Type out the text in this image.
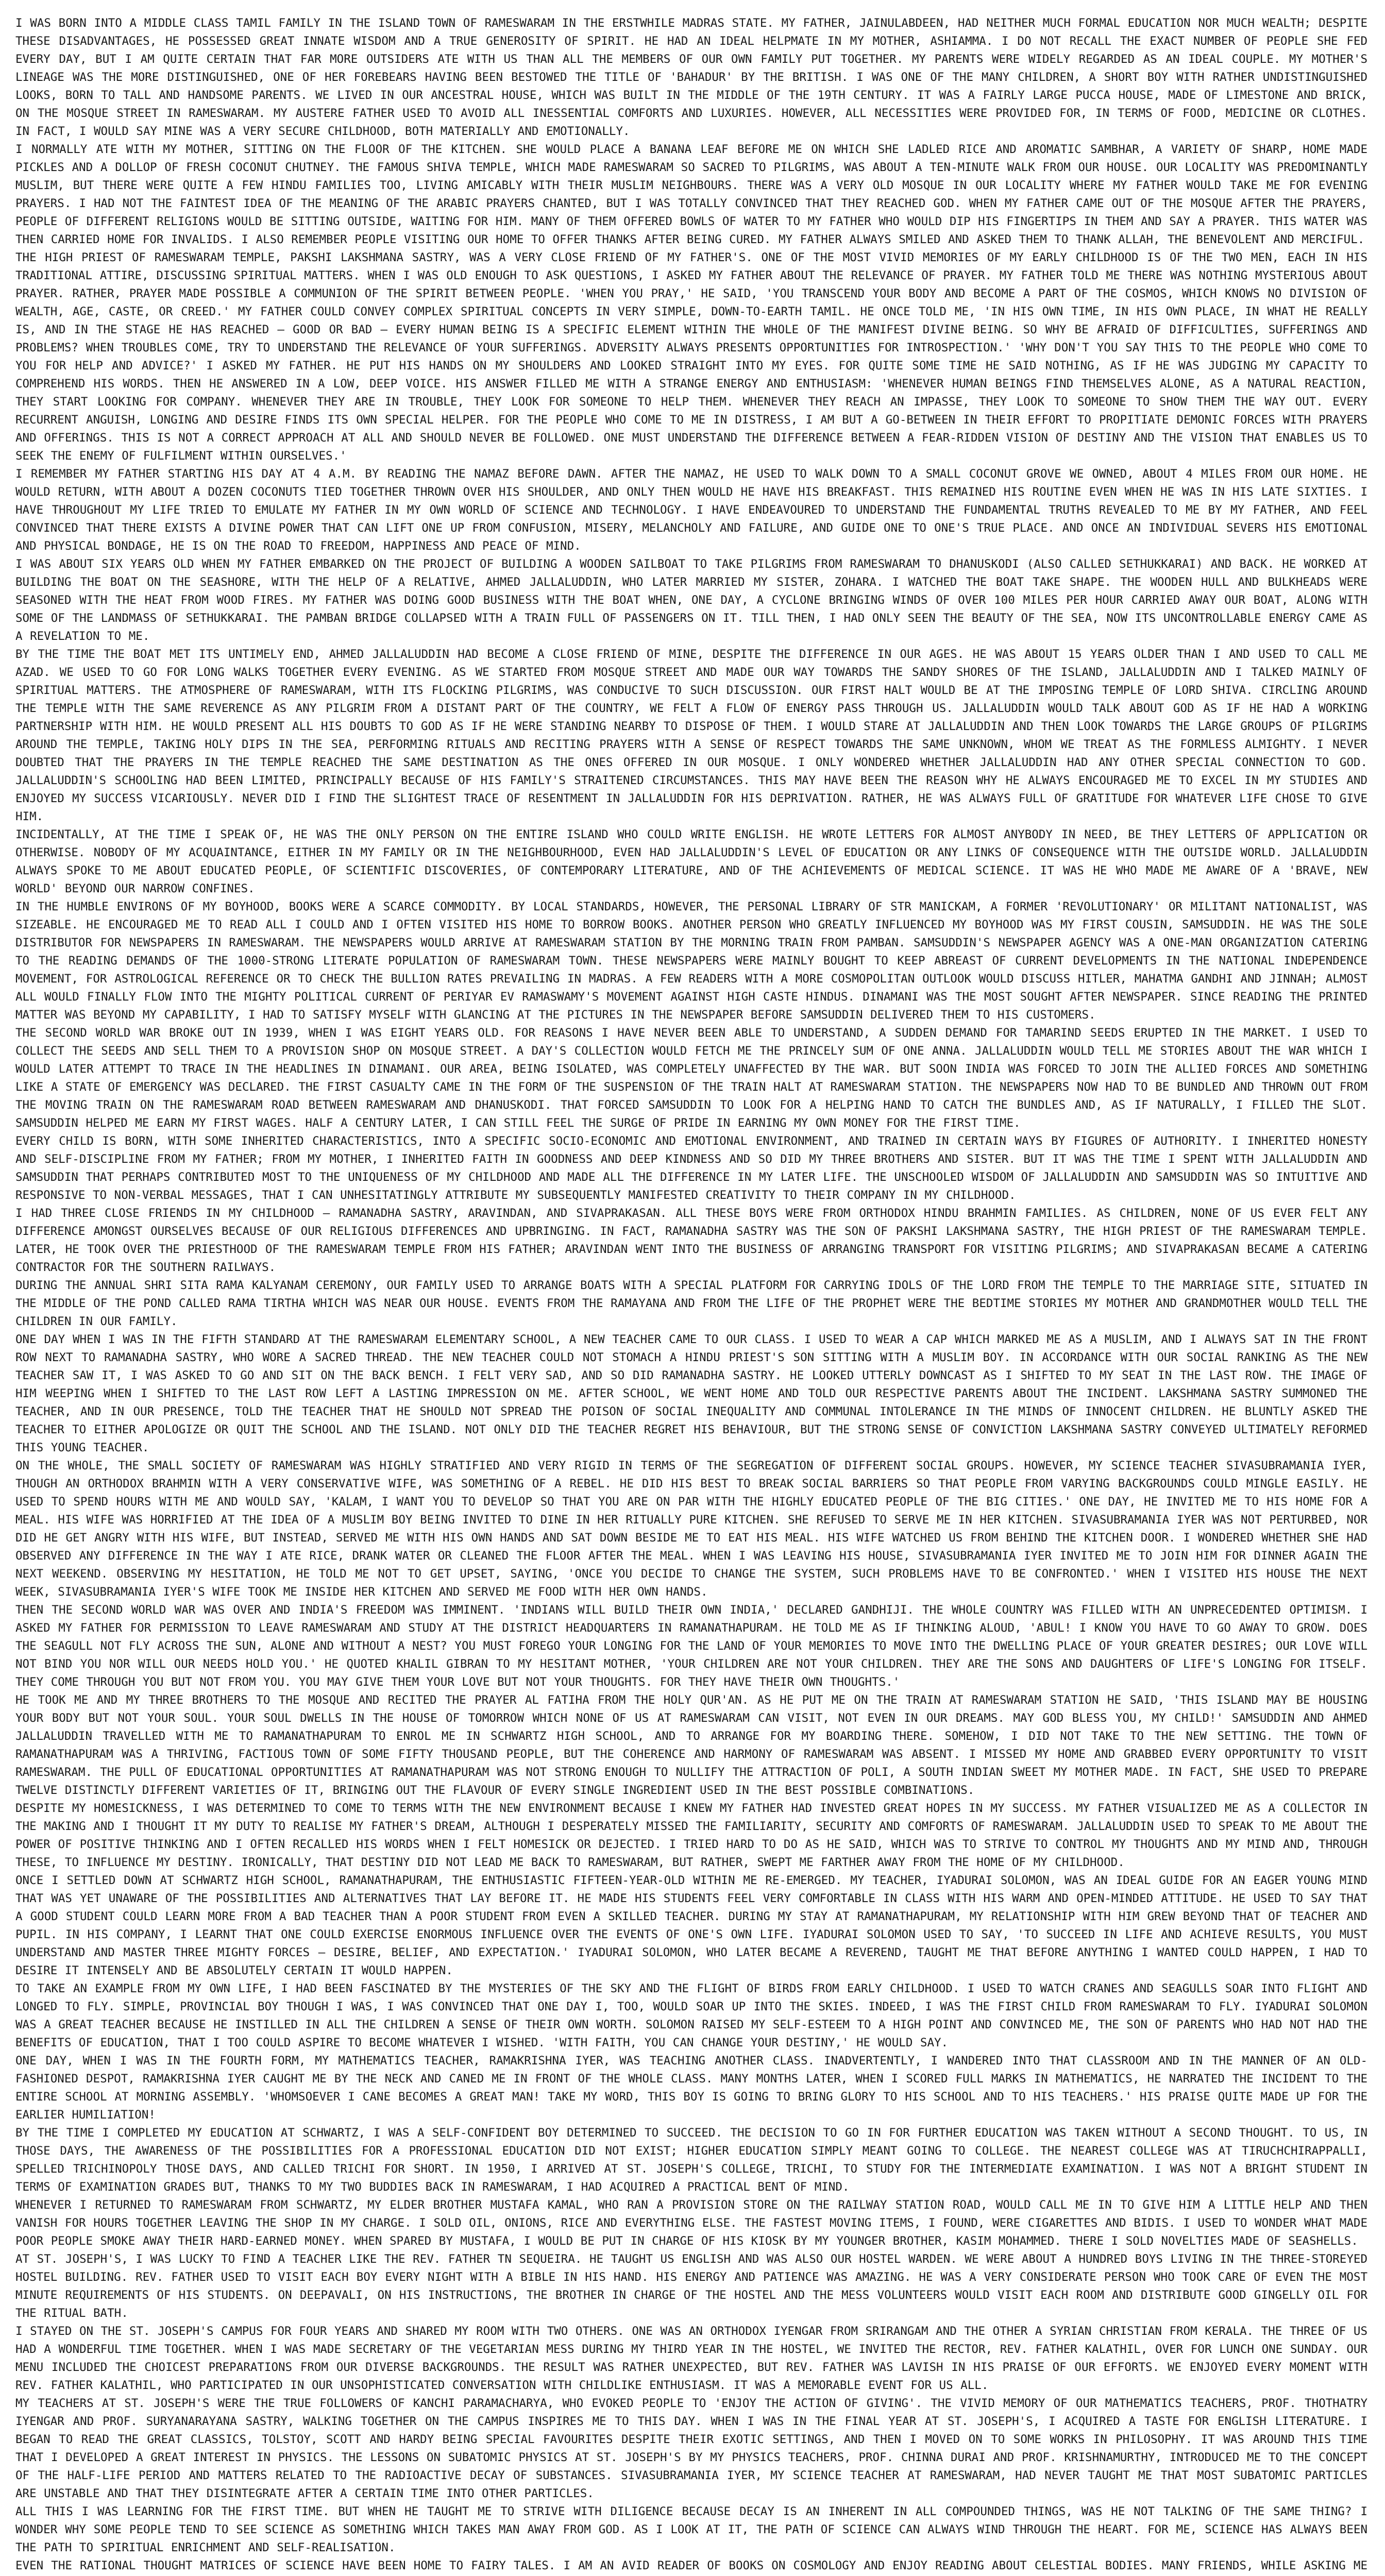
I WAS BORN INTO A MIDDLE CLASS TAMIL FAMILY IN THE ISLAND TOWN OF RAMESWARAM IN THE ERSTWHILE MADRAS STATE. MY FATHER, JAINULABDEEN, HAD NEITHER MUCH FORMAL EDUCATION NOR MUCH WEALTH; DESPITE THESE DISADVANTAGES, HE POSSESSED GREAT INNATE WISDOM AND A TRUE GENEROSITY OF SPIRIT. HE HAD AN IDEAL HELPMATE IN MY MOTHER, ASHIAMMA. I DO NOT RECALL THE EXACT NUMBER OF PEOPLE SHE FED EVERY DAY, BUT I AM QUITE CERTAIN THAT FAR MORE OUTSIDERS ATE WITH US THAN ALL THE MEMBERS OF OUR OWN FAMILY PUT TOGETHER. MY PARENTS WERE WIDELY REGARDED AS AN IDEAL COUPLE. MY MOTHER'S LINEAGE WAS THE MORE DISTINGUISHED, ONE OF HER FOREBEARS HAVING BEEN BESTOWED THE TITLE OF 'BAHADUR' BY THE BRITISH. I WAS ONE OF THE MANY CHILDREN, A SHORT BOY WITH RATHER UNDISTINGUISHED LOOKS, BORN TO TALL AND HANDSOME PARENTS. WE LIVED IN OUR ANCESTRAL HOUSE, WHICH WAS BUILT IN THE MIDDLE OF THE 19TH CENTURY. IT WAS A FAIRLY LARGE PUCCA HOUSE, MADE OF LIMESTONE AND BRICK, ON THE MOSQUE STREET IN RAMESWARAM. MY AUSTERE FATHER USED TO AVOID ALL INESSENTIAL COMFORTS AND LUXURIES. HOWEVER, ALL NECESSITIES WERE PROVIDED FOR, IN TERMS OF FOOD, MEDICINE OR CLOTHES. IN FACT, I WOULD SAY MINE WAS A VERY SECURE CHILDHOOD, BOTH MATERIALLY AND EMOTIONALLY.

I NORMALLY ATE WITH MY MOTHER, SITTING ON THE FLOOR OF THE KITCHEN. SHE WOULD PLACE A BANANA LEAF BEFORE ME ON WHICH SHE LADLED RICE AND AROMATIC SAMBHAR, A VARIETY OF SHARP, HOME MADE PICKLES AND A DOLLOP OF FRESH COCONUT CHUTNEY. THE FAMOUS SHIVA TEMPLE, WHICH MADE RAMESWARAM SO SACRED TO PILGRIMS, WAS ABOUT A TEN-MINUTE WALK FROM OUR HOUSE. OUR LOCALITY WAS PREDOMINANTLY MUSLIM, BUT THERE WERE QUITE A FEW HINDU FAMILIES TOO, LIVING AMICABLY WITH THEIR MUSLIM NEIGHBOURS. THERE WAS A VERY OLD MOSQUE IN OUR LOCALITY WHERE MY FATHER WOULD TAKE ME FOR EVENING PRAYERS. I HAD NOT THE FAINTEST IDEA OF THE MEANING OF THE ARABIC PRAYERS CHANTED, BUT I WAS TOTALLY CONVINCED THAT THEY REACHED GOD. WHEN MY FATHER CAME OUT OF THE MOSQUE AFTER THE PRAYERS, PEOPLE OF DIFFERENT RELIGIONS WOULD BE SITTING OUTSIDE, WAITING FOR HIM. MANY OF THEM OFFERED BOWLS OF WATER TO MY FATHER WHO WOULD DIP HIS FINGERTIPS IN THEM AND SAY A PRAYER. THIS WATER WAS THEN CARRIED HOME FOR INVALIDS. I ALSO REMEMBER PEOPLE VISITING OUR HOME TO OFFER THANKS AFTER BEING CURED. MY FATHER ALWAYS SMILED AND ASKED THEM TO THANK ALLAH, THE BENEVOLENT AND MERCIFUL.

THE HIGH PRIEST OF RAMESWARAM TEMPLE, PAKSHI LAKSHMANA SASTRY, WAS A VERY CLOSE FRIEND OF MY FATHER'S. ONE OF THE MOST VIVID MEMORIES OF MY EARLY CHILDHOOD IS OF THE TWO MEN, EACH IN HIS TRADITIONAL ATTIRE, DISCUSSING SPIRITUAL MATTERS. WHEN I WAS OLD ENOUGH TO ASK QUESTIONS, I ASKED MY FATHER ABOUT THE RELEVANCE OF PRAYER. MY FATHER TOLD ME THERE WAS NOTHING MYSTERIOUS ABOUT PRAYER. RATHER, PRAYER MADE POSSIBLE A COMMUNION OF THE SPIRIT BETWEEN PEOPLE. 'WHEN YOU PRAY,' HE SAID, 'YOU TRANSCEND YOUR BODY AND BECOME A PART OF THE COSMOS, WHICH KNOWS NO DIVISION OF WEALTH, AGE, CASTE, OR CREED.' MY FATHER COULD CONVEY COMPLEX SPIRITUAL CONCEPTS IN VERY SIMPLE, DOWN-TO-EARTH TAMIL. HE ONCE TOLD ME, 'IN HIS OWN TIME, IN HIS OWN PLACE, IN WHAT HE REALLY IS, AND IN THE STAGE HE HAS REACHED — GOOD OR BAD — EVERY HUMAN BEING IS A SPECIFIC ELEMENT WITHIN THE WHOLE OF THE MANIFEST DIVINE BEING. SO WHY BE AFRAID OF DIFFICULTIES, SUFFERINGS AND PROBLEMS? WHEN TROUBLES COME, TRY TO UNDERSTAND THE RELEVANCE OF YOUR SUFFERINGS. ADVERSITY ALWAYS PRESENTS OPPORTUNITIES FOR INTROSPECTION.' 'WHY DON'T YOU SAY THIS TO THE PEOPLE WHO COME TO YOU FOR HELP AND ADVICE?' I ASKED MY FATHER. HE PUT HIS HANDS ON MY SHOULDERS AND LOOKED STRAIGHT INTO MY EYES. FOR QUITE SOME TIME HE SAID NOTHING, AS IF HE WAS JUDGING MY CAPACITY TO COMPREHEND HIS WORDS. THEN HE ANSWERED IN A LOW, DEEP VOICE. HIS ANSWER FILLED ME WITH A STRANGE ENERGY AND ENTHUSIASM: 'WHENEVER HUMAN BEINGS FIND THEMSELVES ALONE, AS A NATURAL REACTION, THEY START LOOKING FOR COMPANY. WHENEVER THEY ARE IN TROUBLE, THEY LOOK FOR SOMEONE TO HELP THEM. WHENEVER THEY REACH AN IMPASSE, THEY LOOK TO SOMEONE TO SHOW THEM THE WAY OUT. EVERY RECURRENT ANGUISH, LONGING AND DESIRE FINDS ITS OWN SPECIAL HELPER. FOR THE PEOPLE WHO COME TO ME IN DISTRESS, I AM BUT A GO-BETWEEN IN THEIR EFFORT TO PROPITIATE DEMONIC FORCES WITH PRAYERS AND OFFERINGS. THIS IS NOT A CORRECT APPROACH AT ALL AND SHOULD NEVER BE FOLLOWED. ONE MUST UNDERSTAND THE DIFFERENCE BETWEEN A FEAR-RIDDEN VISION OF DESTINY AND THE VISION THAT ENABLES US TO SEEK THE ENEMY OF FULFILMENT WITHIN OURSELVES.'

I REMEMBER MY FATHER STARTING HIS DAY AT 4 A.M. BY READING THE NAMAZ BEFORE DAWN. AFTER THE NAMAZ, HE USED TO WALK DOWN TO A SMALL COCONUT GROVE WE OWNED, ABOUT 4 MILES FROM OUR HOME. HE WOULD RETURN, WITH ABOUT A DOZEN COCONUTS TIED TOGETHER THROWN OVER HIS SHOULDER, AND ONLY THEN WOULD HE HAVE HIS BREAKFAST. THIS REMAINED HIS ROUTINE EVEN WHEN HE WAS IN HIS LATE SIXTIES. I HAVE THROUGHOUT MY LIFE TRIED TO EMULATE MY FATHER IN MY OWN WORLD OF SCIENCE AND TECHNOLOGY. I HAVE ENDEAVOURED TO UNDERSTAND THE FUNDAMENTAL TRUTHS REVEALED TO ME BY MY FATHER, AND FEEL CONVINCED THAT THERE EXISTS A DIVINE POWER THAT CAN LIFT ONE UP FROM CONFUSION, MISERY, MELANCHOLY AND FAILURE, AND GUIDE ONE TO ONE'S TRUE PLACE. AND ONCE AN INDIVIDUAL SEVERS HIS EMOTIONAL AND PHYSICAL BONDAGE, HE IS ON THE ROAD TO FREEDOM, HAPPINESS AND PEACE OF MIND.

I WAS ABOUT SIX YEARS OLD WHEN MY FATHER EMBARKED ON THE PROJECT OF BUILDING A WOODEN SAILBOAT TO TAKE PILGRIMS FROM RAMESWARAM TO DHANUSKODI (ALSO CALLED SETHUKKARAI) AND BACK. HE WORKED AT BUILDING THE BOAT ON THE SEASHORE, WITH THE HELP OF A RELATIVE, AHMED JALLALUDDIN, WHO LATER MARRIED MY SISTER, ZOHARA. I WATCHED THE BOAT TAKE SHAPE. THE WOODEN HULL AND BULKHEADS WERE SEASONED WITH THE HEAT FROM WOOD FIRES. MY FATHER WAS DOING GOOD BUSINESS WITH THE BOAT WHEN, ONE DAY, A CYCLONE BRINGING WINDS OF OVER 100 MILES PER HOUR CARRIED AWAY OUR BOAT, ALONG WITH SOME OF THE LANDMASS OF SETHUKKARAI. THE PAMBAN BRIDGE COLLAPSED WITH A TRAIN FULL OF PASSENGERS ON IT. TILL THEN, I HAD ONLY SEEN THE BEAUTY OF THE SEA, NOW ITS UNCONTROLLABLE ENERGY CAME AS A REVELATION TO ME.

BY THE TIME THE BOAT MET ITS UNTIMELY END, AHMED JALLALUDDIN HAD BECOME A CLOSE FRIEND OF MINE, DESPITE THE DIFFERENCE IN OUR AGES. HE WAS ABOUT 15 YEARS OLDER THAN I AND USED TO CALL ME AZAD. WE USED TO GO FOR LONG WALKS TOGETHER EVERY EVENING. AS WE STARTED FROM MOSQUE STREET AND MADE OUR WAY TOWARDS THE SANDY SHORES OF THE ISLAND, JALLALUDDIN AND I TALKED MAINLY OF SPIRITUAL MATTERS. THE ATMOSPHERE OF RAMESWARAM, WITH ITS FLOCKING PILGRIMS, WAS CONDUCIVE TO SUCH DISCUSSION. OUR FIRST HALT WOULD BE AT THE IMPOSING TEMPLE OF LORD SHIVA. CIRCLING AROUND THE TEMPLE WITH THE SAME REVERENCE AS ANY PILGRIM FROM A DISTANT PART OF THE COUNTRY, WE FELT A FLOW OF ENERGY PASS THROUGH US. JALLALUDDIN WOULD TALK ABOUT GOD AS IF HE HAD A WORKING PARTNERSHIP WITH HIM. HE WOULD PRESENT ALL HIS DOUBTS TO GOD AS IF HE WERE STANDING NEARBY TO DISPOSE OF THEM. I WOULD STARE AT JALLALUDDIN AND THEN LOOK TOWARDS THE LARGE GROUPS OF PILGRIMS AROUND THE TEMPLE, TAKING HOLY DIPS IN THE SEA, PERFORMING RITUALS AND RECITING PRAYERS WITH A SENSE OF RESPECT TOWARDS THE SAME UNKNOWN, WHOM WE TREAT AS THE FORMLESS ALMIGHTY. I NEVER DOUBTED THAT THE PRAYERS IN THE TEMPLE REACHED THE SAME DESTINATION AS THE ONES OFFERED IN OUR MOSQUE. I ONLY WONDERED WHETHER JALLALUDDIN HAD ANY OTHER SPECIAL CONNECTION TO GOD. JALLALUDDIN'S SCHOOLING HAD BEEN LIMITED, PRINCIPALLY BECAUSE OF HIS FAMILY'S STRAITENED CIRCUMSTANCES. THIS MAY HAVE BEEN THE REASON WHY HE ALWAYS ENCOURAGED ME TO EXCEL IN MY STUDIES AND ENJOYED MY SUCCESS VICARIOUSLY. NEVER DID I FIND THE SLIGHTEST TRACE OF RESENTMENT IN JALLALUDDIN FOR HIS DEPRIVATION. RATHER, HE WAS ALWAYS FULL OF GRATITUDE FOR WHATEVER LIFE CHOSE TO GIVE HIM.

INCIDENTALLY, AT THE TIME I SPEAK OF, HE WAS THE ONLY PERSON ON THE ENTIRE ISLAND WHO COULD WRITE ENGLISH. HE WROTE LETTERS FOR ALMOST ANYBODY IN NEED, BE THEY LETTERS OF APPLICATION OR OTHERWISE. NOBODY OF MY ACQUAINTANCE, EITHER IN MY FAMILY OR IN THE NEIGHBOURHOOD, EVEN HAD JALLALUDDIN'S LEVEL OF EDUCATION OR ANY LINKS OF CONSEQUENCE WITH THE OUTSIDE WORLD. JALLALUDDIN ALWAYS SPOKE TO ME ABOUT EDUCATED PEOPLE, OF SCIENTIFIC DISCOVERIES, OF CONTEMPORARY LITERATURE, AND OF THE ACHIEVEMENTS OF MEDICAL SCIENCE. IT WAS HE WHO MADE ME AWARE OF A 'BRAVE, NEW WORLD' BEYOND OUR NARROW CONFINES.

IN THE HUMBLE ENVIRONS OF MY BOYHOOD, BOOKS WERE A SCARCE COMMODITY. BY LOCAL STANDARDS, HOWEVER, THE PERSONAL LIBRARY OF STR MANICKAM, A FORMER 'REVOLUTIONARY' OR MILITANT NATIONALIST, WAS SIZEABLE. HE ENCOURAGED ME TO READ ALL I COULD AND I OFTEN VISITED HIS HOME TO BORROW BOOKS. ANOTHER PERSON WHO GREATLY INFLUENCED MY BOYHOOD WAS MY FIRST COUSIN, SAMSUDDIN. HE WAS THE SOLE DISTRIBUTOR FOR NEWSPAPERS IN RAMESWARAM. THE NEWSPAPERS WOULD ARRIVE AT RAMESWARAM STATION BY THE MORNING TRAIN FROM PAMBAN. SAMSUDDIN'S NEWSPAPER AGENCY WAS A ONE-MAN ORGANIZATION CATERING TO THE READING DEMANDS OF THE 1000-STRONG LITERATE POPULATION OF RAMESWARAM TOWN. THESE NEWSPAPERS WERE MAINLY BOUGHT TO KEEP ABREAST OF CURRENT DEVELOPMENTS IN THE NATIONAL INDEPENDENCE MOVEMENT, FOR ASTROLOGICAL REFERENCE OR TO CHECK THE BULLION RATES PREVAILING IN MADRAS. A FEW READERS WITH A MORE COSMOPOLITAN OUTLOOK WOULD DISCUSS HITLER, MAHATMA GANDHI AND JINNAH; ALMOST ALL WOULD FINALLY FLOW INTO THE MIGHTY POLITICAL CURRENT OF PERIYAR EV RAMASWAMY'S MOVEMENT AGAINST HIGH CASTE HINDUS. DINAMANI WAS THE MOST SOUGHT AFTER NEWSPAPER. SINCE READING THE PRINTED MATTER WAS BEYOND MY CAPABILITY, I HAD TO SATISFY MYSELF WITH GLANCING AT THE PICTURES IN THE NEWSPAPER BEFORE SAMSUDDIN DELIVERED THEM TO HIS CUSTOMERS.

THE SECOND WORLD WAR BROKE OUT IN 1939, WHEN I WAS EIGHT YEARS OLD. FOR REASONS I HAVE NEVER BEEN ABLE TO UNDERSTAND, A SUDDEN DEMAND FOR TAMARIND SEEDS ERUPTED IN THE MARKET. I USED TO COLLECT THE SEEDS AND SELL THEM TO A PROVISION SHOP ON MOSQUE STREET. A DAY'S COLLECTION WOULD FETCH ME THE PRINCELY SUM OF ONE ANNA. JALLALUDDIN WOULD TELL ME STORIES ABOUT THE WAR WHICH I WOULD LATER ATTEMPT TO TRACE IN THE HEADLINES IN DINAMANI. OUR AREA, BEING ISOLATED, WAS COMPLETELY UNAFFECTED BY THE WAR. BUT SOON INDIA WAS FORCED TO JOIN THE ALLIED FORCES AND SOMETHING LIKE A STATE OF EMERGENCY WAS DECLARED. THE FIRST CASUALTY CAME IN THE FORM OF THE SUSPENSION OF THE TRAIN HALT AT RAMESWARAM STATION. THE NEWSPAPERS NOW HAD TO BE BUNDLED AND THROWN OUT FROM THE MOVING TRAIN ON THE RAMESWARAM ROAD BETWEEN RAMESWARAM AND DHANUSKODI. THAT FORCED SAMSUDDIN TO LOOK FOR A HELPING HAND TO CATCH THE BUNDLES AND, AS IF NATURALLY, I FILLED THE SLOT. SAMSUDDIN HELPED ME EARN MY FIRST WAGES. HALF A CENTURY LATER, I CAN STILL FEEL THE SURGE OF PRIDE IN EARNING MY OWN MONEY FOR THE FIRST TIME.

EVERY CHILD IS BORN, WITH SOME INHERITED CHARACTERISTICS, INTO A SPECIFIC SOCIO-ECONOMIC AND EMOTIONAL ENVIRONMENT, AND TRAINED IN CERTAIN WAYS BY FIGURES OF AUTHORITY. I INHERITED HONESTY AND SELF-DISCIPLINE FROM MY FATHER; FROM MY MOTHER, I INHERITED FAITH IN GOODNESS AND DEEP KINDNESS AND SO DID MY THREE BROTHERS AND SISTER. BUT IT WAS THE TIME I SPENT WITH JALLALUDDIN AND SAMSUDDIN THAT PERHAPS CONTRIBUTED MOST TO THE UNIQUENESS OF MY CHILDHOOD AND MADE ALL THE DIFFERENCE IN MY LATER LIFE. THE UNSCHOOLED WISDOM OF JALLALUDDIN AND SAMSUDDIN WAS SO INTUITIVE AND RESPONSIVE TO NON-VERBAL MESSAGES, THAT I CAN UNHESITATINGLY ATTRIBUTE MY SUBSEQUENTLY MANIFESTED CREATIVITY TO THEIR COMPANY IN MY CHILDHOOD.

I HAD THREE CLOSE FRIENDS IN MY CHILDHOOD — RAMANADHA SASTRY, ARAVINDAN, AND SIVAPRAKASAN. ALL THESE BOYS WERE FROM ORTHODOX HINDU BRAHMIN FAMILIES. AS CHILDREN, NONE OF US EVER FELT ANY DIFFERENCE AMONGST OURSELVES BECAUSE OF OUR RELIGIOUS DIFFERENCES AND UPBRINGING. IN FACT, RAMANADHA SASTRY WAS THE SON OF PAKSHI LAKSHMANA SASTRY, THE HIGH PRIEST OF THE RAMESWARAM TEMPLE. LATER, HE TOOK OVER THE PRIESTHOOD OF THE RAMESWARAM TEMPLE FROM HIS FATHER; ARAVINDAN WENT INTO THE BUSINESS OF ARRANGING TRANSPORT FOR VISITING PILGRIMS; AND SIVAPRAKASAN BECAME A CATERING CONTRACTOR FOR THE SOUTHERN RAILWAYS.

DURING THE ANNUAL SHRI SITA RAMA KALYANAM CEREMONY, OUR FAMILY USED TO ARRANGE BOATS WITH A SPECIAL PLATFORM FOR CARRYING IDOLS OF THE LORD FROM THE TEMPLE TO THE MARRIAGE SITE, SITUATED IN THE MIDDLE OF THE POND CALLED RAMA TIRTHA WHICH WAS NEAR OUR HOUSE. EVENTS FROM THE RAMAYANA AND FROM THE LIFE OF THE PROPHET WERE THE BEDTIME STORIES MY MOTHER AND GRANDMOTHER WOULD TELL THE CHILDREN IN OUR FAMILY.

ONE DAY WHEN I WAS IN THE FIFTH STANDARD AT THE RAMESWARAM ELEMENTARY SCHOOL, A NEW TEACHER CAME TO OUR CLASS. I USED TO WEAR A CAP WHICH MARKED ME AS A MUSLIM, AND I ALWAYS SAT IN THE FRONT ROW NEXT TO RAMANADHA SASTRY, WHO WORE A SACRED THREAD. THE NEW TEACHER COULD NOT STOMACH A HINDU PRIEST'S SON SITTING WITH A MUSLIM BOY. IN ACCORDANCE WITH OUR SOCIAL RANKING AS THE NEW TEACHER SAW IT, I WAS ASKED TO GO AND SIT ON THE BACK BENCH. I FELT VERY SAD, AND SO DID RAMANADHA SASTRY. HE LOOKED UTTERLY DOWNCAST AS I SHIFTED TO MY SEAT IN THE LAST ROW. THE IMAGE OF HIM WEEPING WHEN I SHIFTED TO THE LAST ROW LEFT A LASTING IMPRESSION ON ME. AFTER SCHOOL, WE WENT HOME AND TOLD OUR RESPECTIVE PARENTS ABOUT THE INCIDENT. LAKSHMANA SASTRY SUMMONED THE TEACHER, AND IN OUR PRESENCE, TOLD THE TEACHER THAT HE SHOULD NOT SPREAD THE POISON OF SOCIAL INEQUALITY AND COMMUNAL INTOLERANCE IN THE MINDS OF INNOCENT CHILDREN. HE BLUNTLY ASKED THE TEACHER TO EITHER APOLOGIZE OR QUIT THE SCHOOL AND THE ISLAND. NOT ONLY DID THE TEACHER REGRET HIS BEHAVIOUR, BUT THE STRONG SENSE OF CONVICTION LAKSHMANA SASTRY CONVEYED ULTIMATELY REFORMED THIS YOUNG TEACHER.

ON THE WHOLE, THE SMALL SOCIETY OF RAMESWARAM WAS HIGHLY STRATIFIED AND VERY RIGID IN TERMS OF THE SEGREGATION OF DIFFERENT SOCIAL GROUPS. HOWEVER, MY SCIENCE TEACHER SIVASUBRAMANIA IYER, THOUGH AN ORTHODOX BRAHMIN WITH A VERY CONSERVATIVE WIFE, WAS SOMETHING OF A REBEL. HE DID HIS BEST TO BREAK SOCIAL BARRIERS SO THAT PEOPLE FROM VARYING BACKGROUNDS COULD MINGLE EASILY. HE USED TO SPEND HOURS WITH ME AND WOULD SAY, 'KALAM, I WANT YOU TO DEVELOP SO THAT YOU ARE ON PAR WITH THE HIGHLY EDUCATED PEOPLE OF THE BIG CITIES.' ONE DAY, HE INVITED ME TO HIS HOME FOR A MEAL. HIS WIFE WAS HORRIFIED AT THE IDEA OF A MUSLIM BOY BEING INVITED TO DINE IN HER RITUALLY PURE KITCHEN. SHE REFUSED TO SERVE ME IN HER KITCHEN. SIVASUBRAMANIA IYER WAS NOT PERTURBED, NOR DID HE GET ANGRY WITH HIS WIFE, BUT INSTEAD, SERVED ME WITH HIS OWN HANDS AND SAT DOWN BESIDE ME TO EAT HIS MEAL. HIS WIFE WATCHED US FROM BEHIND THE KITCHEN DOOR. I WONDERED WHETHER SHE HAD OBSERVED ANY DIFFERENCE IN THE WAY I ATE RICE, DRANK WATER OR CLEANED THE FLOOR AFTER THE MEAL. WHEN I WAS LEAVING HIS HOUSE, SIVASUBRAMANIA IYER INVITED ME TO JOIN HIM FOR DINNER AGAIN THE NEXT WEEKEND. OBSERVING MY HESITATION, HE TOLD ME NOT TO GET UPSET, SAYING, 'ONCE YOU DECIDE TO CHANGE THE SYSTEM, SUCH PROBLEMS HAVE TO BE CONFRONTED.' WHEN I VISITED HIS HOUSE THE NEXT WEEK, SIVASUBRAMANIA IYER'S WIFE TOOK ME INSIDE HER KITCHEN AND SERVED ME FOOD WITH HER OWN HANDS.

THEN THE SECOND WORLD WAR WAS OVER AND INDIA'S FREEDOM WAS IMMINENT. 'INDIANS WILL BUILD THEIR OWN INDIA,' DECLARED GANDHIJI. THE WHOLE COUNTRY WAS FILLED WITH AN UNPRECEDENTED OPTIMISM. I ASKED MY FATHER FOR PERMISSION TO LEAVE RAMESWARAM AND STUDY AT THE DISTRICT HEADQUARTERS IN RAMANATHAPURAM. HE TOLD ME AS IF THINKING ALOUD, 'ABUL! I KNOW YOU HAVE TO GO AWAY TO GROW. DOES THE SEAGULL NOT FLY ACROSS THE SUN, ALONE AND WITHOUT A NEST? YOU MUST FOREGO YOUR LONGING FOR THE LAND OF YOUR MEMORIES TO MOVE INTO THE DWELLING PLACE OF YOUR GREATER DESIRES; OUR LOVE WILL NOT BIND YOU NOR WILL OUR NEEDS HOLD YOU.' HE QUOTED KHALIL GIBRAN TO MY HESITANT MOTHER, 'YOUR CHILDREN ARE NOT YOUR CHILDREN. THEY ARE THE SONS AND DAUGHTERS OF LIFE'S LONGING FOR ITSELF. THEY COME THROUGH YOU BUT NOT FROM YOU. YOU MAY GIVE THEM YOUR LOVE BUT NOT YOUR THOUGHTS. FOR THEY HAVE THEIR OWN THOUGHTS.'

HE TOOK ME AND MY THREE BROTHERS TO THE MOSQUE AND RECITED THE PRAYER AL FATIHA FROM THE HOLY QUR'AN. AS HE PUT ME ON THE TRAIN AT RAMESWARAM STATION HE SAID, 'THIS ISLAND MAY BE HOUSING YOUR BODY BUT NOT YOUR SOUL. YOUR SOUL DWELLS IN THE HOUSE OF TOMORROW WHICH NONE OF US AT RAMESWARAM CAN VISIT, NOT EVEN IN OUR DREAMS. MAY GOD BLESS YOU, MY CHILD!' SAMSUDDIN AND AHMED JALLALUDDIN TRAVELLED WITH ME TO RAMANATHAPURAM TO ENROL ME IN SCHWARTZ HIGH SCHOOL, AND TO ARRANGE FOR MY BOARDING THERE. SOMEHOW, I DID NOT TAKE TO THE NEW SETTING. THE TOWN OF RAMANATHAPURAM WAS A THRIVING, FACTIOUS TOWN OF SOME FIFTY THOUSAND PEOPLE, BUT THE COHERENCE AND HARMONY OF RAMESWARAM WAS ABSENT. I MISSED MY HOME AND GRABBED EVERY OPPORTUNITY TO VISIT RAMESWARAM. THE PULL OF EDUCATIONAL OPPORTUNITIES AT RAMANATHAPURAM WAS NOT STRONG ENOUGH TO NULLIFY THE ATTRACTION OF POLI, A SOUTH INDIAN SWEET MY MOTHER MADE. IN FACT, SHE USED TO PREPARE TWELVE DISTINCTLY DIFFERENT VARIETIES OF IT, BRINGING OUT THE FLAVOUR OF EVERY SINGLE INGREDIENT USED IN THE BEST POSSIBLE COMBINATIONS.

DESPITE MY HOMESICKNESS, I WAS DETERMINED TO COME TO TERMS WITH THE NEW ENVIRONMENT BECAUSE I KNEW MY FATHER HAD INVESTED GREAT HOPES IN MY SUCCESS. MY FATHER VISUALIZED ME AS A COLLECTOR IN THE MAKING AND I THOUGHT IT MY DUTY TO REALISE MY FATHER'S DREAM, ALTHOUGH I DESPERATELY MISSED THE FAMILIARITY, SECURITY AND COMFORTS OF RAMESWARAM. JALLALUDDIN USED TO SPEAK TO ME ABOUT THE POWER OF POSITIVE THINKING AND I OFTEN RECALLED HIS WORDS WHEN I FELT HOMESICK OR DEJECTED. I TRIED HARD TO DO AS HE SAID, WHICH WAS TO STRIVE TO CONTROL MY THOUGHTS AND MY MIND AND, THROUGH THESE, TO INFLUENCE MY DESTINY. IRONICALLY, THAT DESTINY DID NOT LEAD ME BACK TO RAMESWARAM, BUT RATHER, SWEPT ME FARTHER AWAY FROM THE HOME OF MY CHILDHOOD.

ONCE I SETTLED DOWN AT SCHWARTZ HIGH SCHOOL, RAMANATHAPURAM, THE ENTHUSIASTIC FIFTEEN-YEAR-OLD WITHIN ME RE-EMERGED. MY TEACHER, IYADURAI SOLOMON, WAS AN IDEAL GUIDE FOR AN EAGER YOUNG MIND THAT WAS YET UNAWARE OF THE POSSIBILITIES AND ALTERNATIVES THAT LAY BEFORE IT. HE MADE HIS STUDENTS FEEL VERY COMFORTABLE IN CLASS WITH HIS WARM AND OPEN-MINDED ATTITUDE. HE USED TO SAY THAT A GOOD STUDENT COULD LEARN MORE FROM A BAD TEACHER THAN A POOR STUDENT FROM EVEN A SKILLED TEACHER. DURING MY STAY AT RAMANATHAPURAM, MY RELATIONSHIP WITH HIM GREW BEYOND THAT OF TEACHER AND PUPIL. IN HIS COMPANY, I LEARNT THAT ONE COULD EXERCISE ENORMOUS INFLUENCE OVER THE EVENTS OF ONE'S OWN LIFE. IYADURAI SOLOMON USED TO SAY, 'TO SUCCEED IN LIFE AND ACHIEVE RESULTS, YOU MUST UNDERSTAND AND MASTER THREE MIGHTY FORCES — DESIRE, BELIEF, AND EXPECTATION.' IYADURAI SOLOMON, WHO LATER BECAME A REVEREND, TAUGHT ME THAT BEFORE ANYTHING I WANTED COULD HAPPEN, I HAD TO DESIRE IT INTENSELY AND BE ABSOLUTELY CERTAIN IT WOULD HAPPEN.

TO TAKE AN EXAMPLE FROM MY OWN LIFE, I HAD BEEN FASCINATED BY THE MYSTERIES OF THE SKY AND THE FLIGHT OF BIRDS FROM EARLY CHILDHOOD. I USED TO WATCH CRANES AND SEAGULLS SOAR INTO FLIGHT AND LONGED TO FLY. SIMPLE, PROVINCIAL BOY THOUGH I WAS, I WAS CONVINCED THAT ONE DAY I, TOO, WOULD SOAR UP INTO THE SKIES. INDEED, I WAS THE FIRST CHILD FROM RAMESWARAM TO FLY. IYADURAI SOLOMON WAS A GREAT TEACHER BECAUSE HE INSTILLED IN ALL THE CHILDREN A SENSE OF THEIR OWN WORTH. SOLOMON RAISED MY SELF-ESTEEM TO A HIGH POINT AND CONVINCED ME, THE SON OF PARENTS WHO HAD NOT HAD THE BENEFITS OF EDUCATION, THAT I TOO COULD ASPIRE TO BECOME WHATEVER I WISHED. 'WITH FAITH, YOU CAN CHANGE YOUR DESTINY,' HE WOULD SAY.

ONE DAY, WHEN I WAS IN THE FOURTH FORM, MY MATHEMATICS TEACHER, RAMAKRISHNA IYER, WAS TEACHING ANOTHER CLASS. INADVERTENTLY, I WANDERED INTO THAT CLASSROOM AND IN THE MANNER OF AN OLD-FASHIONED DESPOT, RAMAKRISHNA IYER CAUGHT ME BY THE NECK AND CANED ME IN FRONT OF THE WHOLE CLASS. MANY MONTHS LATER, WHEN I SCORED FULL MARKS IN MATHEMATICS, HE NARRATED THE INCIDENT TO THE ENTIRE SCHOOL AT MORNING ASSEMBLY. 'WHOMSOEVER I CANE BECOMES A GREAT MAN! TAKE MY WORD, THIS BOY IS GOING TO BRING GLORY TO HIS SCHOOL AND TO HIS TEACHERS.' HIS PRAISE QUITE MADE UP FOR THE EARLIER HUMILIATION!

BY THE TIME I COMPLETED MY EDUCATION AT SCHWARTZ, I WAS A SELF-CONFIDENT BOY DETERMINED TO SUCCEED. THE DECISION TO GO IN FOR FURTHER EDUCATION WAS TAKEN WITHOUT A SECOND THOUGHT. TO US, IN THOSE DAYS, THE AWARENESS OF THE POSSIBILITIES FOR A PROFESSIONAL EDUCATION DID NOT EXIST; HIGHER EDUCATION SIMPLY MEANT GOING TO COLLEGE. THE NEAREST COLLEGE WAS AT TIRUCHCHIRAPPALLI, SPELLED TRICHINOPOLY THOSE DAYS, AND CALLED TRICHI FOR SHORT. IN 1950, I ARRIVED AT ST. JOSEPH'S COLLEGE, TRICHI, TO STUDY FOR THE INTERMEDIATE EXAMINATION. I WAS NOT A BRIGHT STUDENT IN TERMS OF EXAMINATION GRADES BUT, THANKS TO MY TWO BUDDIES BACK IN RAMESWARAM, I HAD ACQUIRED A PRACTICAL BENT OF MIND.

WHENEVER I RETURNED TO RAMESWARAM FROM SCHWARTZ, MY ELDER BROTHER MUSTAFA KAMAL, WHO RAN A PROVISION STORE ON THE RAILWAY STATION ROAD, WOULD CALL ME IN TO GIVE HIM A LITTLE HELP AND THEN VANISH FOR HOURS TOGETHER LEAVING THE SHOP IN MY CHARGE. I SOLD OIL, ONIONS, RICE AND EVERYTHING ELSE. THE FASTEST MOVING ITEMS, I FOUND, WERE CIGARETTES AND BIDIS. I USED TO WONDER WHAT MADE POOR PEOPLE SMOKE AWAY THEIR HARD-EARNED MONEY. WHEN SPARED BY MUSTAFA, I WOULD BE PUT IN CHARGE OF HIS KIOSK BY MY YOUNGER BROTHER, KASIM MOHAMMED. THERE I SOLD NOVELTIES MADE OF SEASHELLS.

AT ST. JOSEPH'S, I WAS LUCKY TO FIND A TEACHER LIKE THE REV. FATHER TN SEQUEIRA. HE TAUGHT US ENGLISH AND WAS ALSO OUR HOSTEL WARDEN. WE WERE ABOUT A HUNDRED BOYS LIVING IN THE THREE-STOREYED HOSTEL BUILDING. REV. FATHER USED TO VISIT EACH BOY EVERY NIGHT WITH A BIBLE IN HIS HAND. HIS ENERGY AND PATIENCE WAS AMAZING. HE WAS A VERY CONSIDERATE PERSON WHO TOOK CARE OF EVEN THE MOST MINUTE REQUIREMENTS OF HIS STUDENTS. ON DEEPAVALI, ON HIS INSTRUCTIONS, THE BROTHER IN CHARGE OF THE HOSTEL AND THE MESS VOLUNTEERS WOULD VISIT EACH ROOM AND DISTRIBUTE GOOD GINGELLY OIL FOR THE RITUAL BATH.

I STAYED ON THE ST. JOSEPH'S CAMPUS FOR FOUR YEARS AND SHARED MY ROOM WITH TWO OTHERS. ONE WAS AN ORTHODOX IYENGAR FROM SRIRANGAM AND THE OTHER A SYRIAN CHRISTIAN FROM KERALA. THE THREE OF US HAD A WONDERFUL TIME TOGETHER. WHEN I WAS MADE SECRETARY OF THE VEGETARIAN MESS DURING MY THIRD YEAR IN THE HOSTEL, WE INVITED THE RECTOR, REV. FATHER KALATHIL, OVER FOR LUNCH ONE SUNDAY. OUR MENU INCLUDED THE CHOICEST PREPARATIONS FROM OUR DIVERSE BACKGROUNDS. THE RESULT WAS RATHER UNEXPECTED, BUT REV. FATHER WAS LAVISH IN HIS PRAISE OF OUR EFFORTS. WE ENJOYED EVERY MOMENT WITH REV. FATHER KALATHIL, WHO PARTICIPATED IN OUR UNSOPHISTICATED CONVERSATION WITH CHILDLIKE ENTHUSIASM. IT WAS A MEMORABLE EVENT FOR US ALL.

MY TEACHERS AT ST. JOSEPH'S WERE THE TRUE FOLLOWERS OF KANCHI PARAMACHARYA, WHO EVOKED PEOPLE TO 'ENJOY THE ACTION OF GIVING'. THE VIVID MEMORY OF OUR MATHEMATICS TEACHERS, PROF. THOTHATRY IYENGAR AND PROF. SURYANARAYANA SASTRY, WALKING TOGETHER ON THE CAMPUS INSPIRES ME TO THIS DAY. WHEN I WAS IN THE FINAL YEAR AT ST. JOSEPH'S, I ACQUIRED A TASTE FOR ENGLISH LITERATURE. I BEGAN TO READ THE GREAT CLASSICS, TOLSTOY, SCOTT AND HARDY BEING SPECIAL FAVOURITES DESPITE THEIR EXOTIC SETTINGS, AND THEN I MOVED ON TO SOME WORKS IN PHILOSOPHY. IT WAS AROUND THIS TIME THAT I DEVELOPED A GREAT INTEREST IN PHYSICS. THE LESSONS ON SUBATOMIC PHYSICS AT ST. JOSEPH'S BY MY PHYSICS TEACHERS, PROF. CHINNA DURAI AND PROF. KRISHNAMURTHY, INTRODUCED ME TO THE CONCEPT OF THE HALF-LIFE PERIOD AND MATTERS RELATED TO THE RADIOACTIVE DECAY OF SUBSTANCES. SIVASUBRAMANIA IYER, MY SCIENCE TEACHER AT RAMESWARAM, HAD NEVER TAUGHT ME THAT MOST SUBATOMIC PARTICLES ARE UNSTABLE AND THAT THEY DISINTEGRATE AFTER A CERTAIN TIME INTO OTHER PARTICLES.

ALL THIS I WAS LEARNING FOR THE FIRST TIME. BUT WHEN HE TAUGHT ME TO STRIVE WITH DILIGENCE BECAUSE DECAY IS AN INHERENT IN ALL COMPOUNDED THINGS, WAS HE NOT TALKING OF THE SAME THING? I WONDER WHY SOME PEOPLE TEND TO SEE SCIENCE AS SOMETHING WHICH TAKES MAN AWAY FROM GOD. AS I LOOK AT IT, THE PATH OF SCIENCE CAN ALWAYS WIND THROUGH THE HEART. FOR ME, SCIENCE HAS ALWAYS BEEN THE PATH TO SPIRITUAL ENRICHMENT AND SELF-REALISATION.

EVEN THE RATIONAL THOUGHT MATRICES OF SCIENCE HAVE BEEN HOME TO FAIRY TALES. I AM AN AVID READER OF BOOKS ON COSMOLOGY AND ENJOY READING ABOUT CELESTIAL BODIES. MANY FRIENDS, WHILE ASKING ME
